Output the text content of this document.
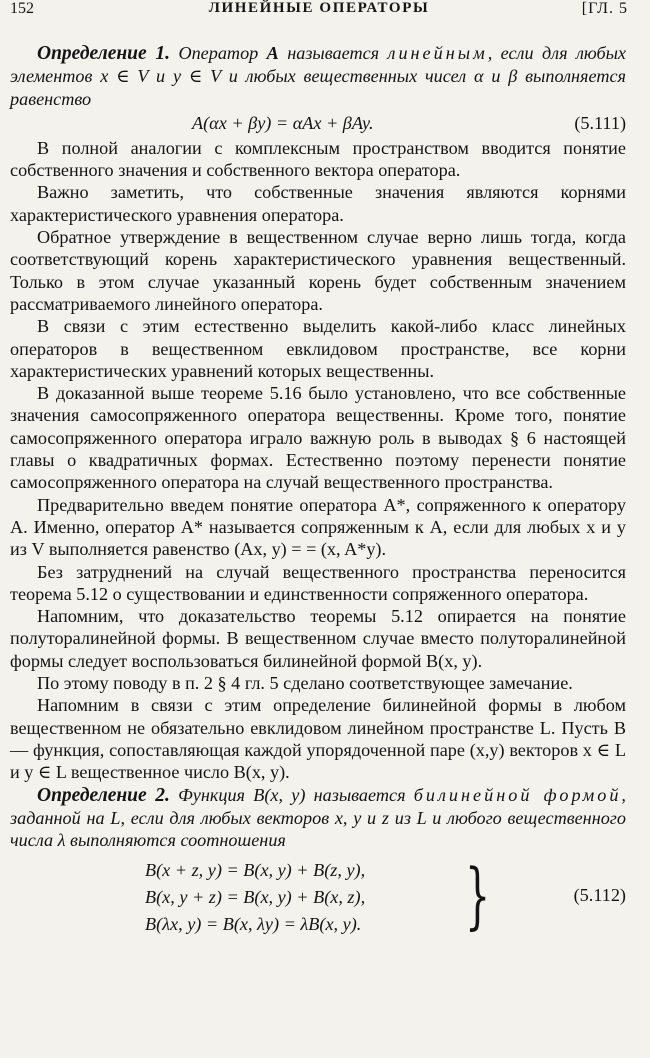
152	ЛИНЕЙНЫЕ ОПЕРАТОРЫ	[ГЛ. 5

Определение 1. Оператор A называется линейным, если для любых элементов x ∈ V и y ∈ V и любых вещественных чисел α и β выполняется равенство

A(αx + βy) = αAx + βAy.	(5.111)

В полной аналогии с комплексным пространством вводится понятие собственного значения и собственного вектора оператора.

Важно заметить, что собственные значения являются корнями характеристического уравнения оператора.

Обратное утверждение в вещественном случае верно лишь тогда, когда соответствующий корень характеристического уравнения вещественный. Только в этом случае указанный корень будет собственным значением рассматриваемого линейного оператора.

В связи с этим естественно выделить какой-либо класс линейных операторов в вещественном евклидовом пространстве, все корни характеристических уравнений которых вещественны.

В доказанной выше теореме 5.16 было установлено, что все собственные значения самосопряженного оператора вещественны. Кроме того, понятие самосопряженного оператора играло важную роль в выводах § 6 настоящей главы о квадратичных формах. Естественно поэтому перенести понятие самосопряженного оператора на случай вещественного пространства.

Предварительно введем понятие оператора A*, сопряженного к оператору A. Именно, оператор A* называется сопряженным к A, если для любых x и y из V выполняется равенство (Ax, y) = = (x, A*y).

Без затруднений на случай вещественного пространства переносится теорема 5.12 о существовании и единственности сопряженного оператора.

Напомним, что доказательство теоремы 5.12 опирается на понятие полуторалинейной формы. В вещественном случае вместо полуторалинейной формы следует воспользоваться билинейной формой B(x, y).

По этому поводу в п. 2 § 4 гл. 5 сделано соответствующее замечание.

Напомним в связи с этим определение билинейной формы в любом вещественном не обязательно евклидовом линейном пространстве L. Пусть B — функция, сопоставляющая каждой упорядоченной паре (x,y) векторов x ∈ L и y ∈ L вещественное число B(x, y).

Определение 2. Функция B(x, y) называется билинейной формой, заданной на L, если для любых векторов x, y и z из L и любого вещественного числа λ выполняются соотношения

B(x + z, y) = B(x, y) + B(z, y),
B(x, y + z) = B(x, y) + B(x, z),
B(λx, y) = B(x, λy) = λB(x, y). }	(5.112)
